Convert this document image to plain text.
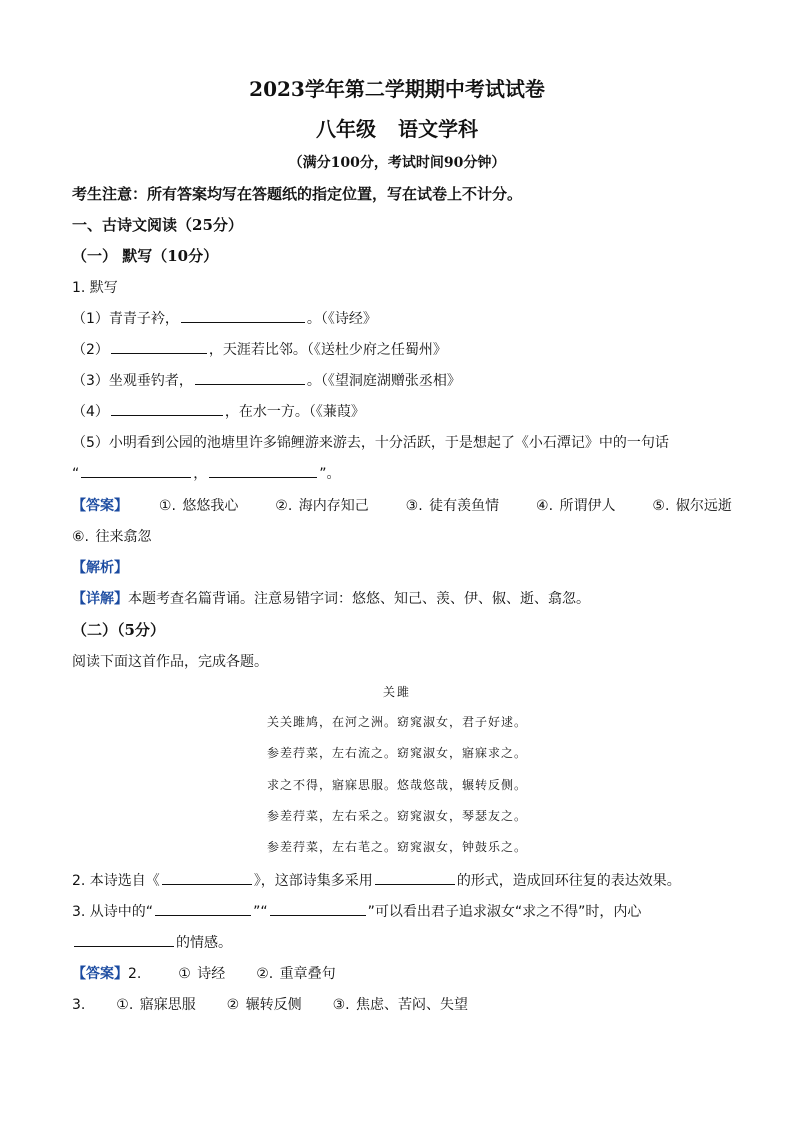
2023学年第二学期期中考试试卷
八年级 语文学科
（满分100分，考试时间90分钟）
考生注意：所有答案均写在答题纸的指定位置，写在试卷上不计分。
一、古诗文阅读（25分）
（一） 默写（10分）
1. 默写
（1）青青子衿，	。（《诗经》
（2）	，天涯若比邻。（《送杜少府之任蜀州》
（3）坐观垂钓者，	。（《望洞庭湖赠张丞相》
（4）	，在水一方。（《蒹葭》
（5）小明看到公园的池塘里许多锦鲤游来游去，十分活跃，于是想起了《小石潭记》中的一句话
“	，	”。
【答案】 ①. 悠悠我心	②. 海内存知己	③. 徒有羡鱼情	④. 所谓伊人	⑤. 俶尔远逝
⑥. 往来翕忽
【解析】
【详解】本题考查名篇背诵。注意易错字词：悠悠、知己、羡、伊、俶、逝、翕忽。
（二）（5分）
阅读下面这首作品，完成各题。
关雎
关关雎鸠，在河之洲。窈窕淑女，君子好逑。
参差荇菜，左右流之。窈窕淑女，寤寐求之。
求之不得，寤寐思服。悠哉悠哉，辗转反侧。
参差荇菜，左右采之。窈窕淑女，琴瑟友之。
参差荇菜，左右芼之。窈窕淑女，钟鼓乐之。
2. 本诗选自《	》，这部诗集多采用	的形式，造成回环往复的表达效果。
3. 从诗中的“	”“	”可以看出君子追求淑女“求之不得”时，内心
的情感。
【答案】2.	① 诗经 ②. 重章叠句
3. ①. 寤寐思服 ② 辗转反侧 ③. 焦虑、苦闷、失望
